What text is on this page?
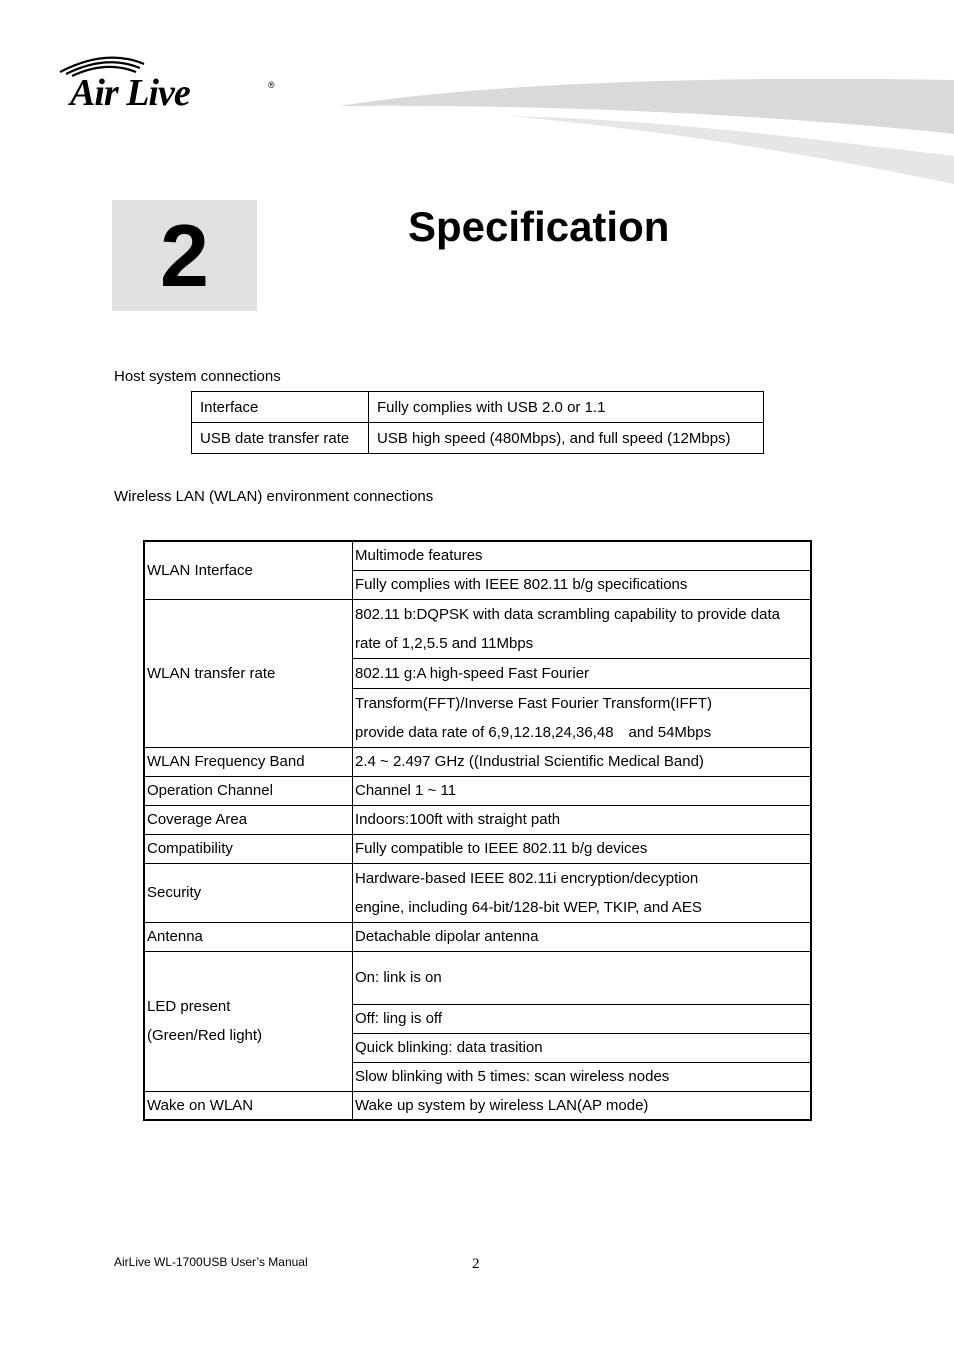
Air Live	®
2	Specification
Host system connections
Interface	Fully complies with USB 2.0 or 1.1
USB date transfer rate	USB high speed (480Mbps), and full speed (12Mbps)
Wireless LAN (WLAN) environment connections
WLAN Interface	Multimode features
	Fully complies with IEEE 802.11 b/g specifications
WLAN transfer rate	802.11 b:DQPSK with data scrambling capability to provide data
rate of 1,2,5.5 and 11Mbps

	802.11 g:A high-speed Fast Fourier
Transform(FFT)/Inverse Fast Fourier Transform(IFFT)
provide data rate of 6,9,12.18,24,36,48　and 54Mbps

WLAN Frequency Band	2.4 ~ 2.497 GHz ((Industrial Scientific Medical Band)
Operation Channel	Channel 1 ~ 11
Coverage Area	Indoors:100ft with straight path
Compatibility	Fully compatible to IEEE 802.11 b/g devices
Security	Hardware-based IEEE 802.11i encryption/decyption
engine, including 64-bit/128-bit WEP, TKIP, and AES

Antenna	Detachable dipolar antenna

LED present
(Green/Red light)	On: link is on
	Off: ling is off
	Quick blinking: data trasition
	Slow blinking with 5 times: scan wireless nodes
Wake on WLAN	Wake up system by wireless LAN(AP mode)
AirLive WL-1700USB User’s Manual	2
